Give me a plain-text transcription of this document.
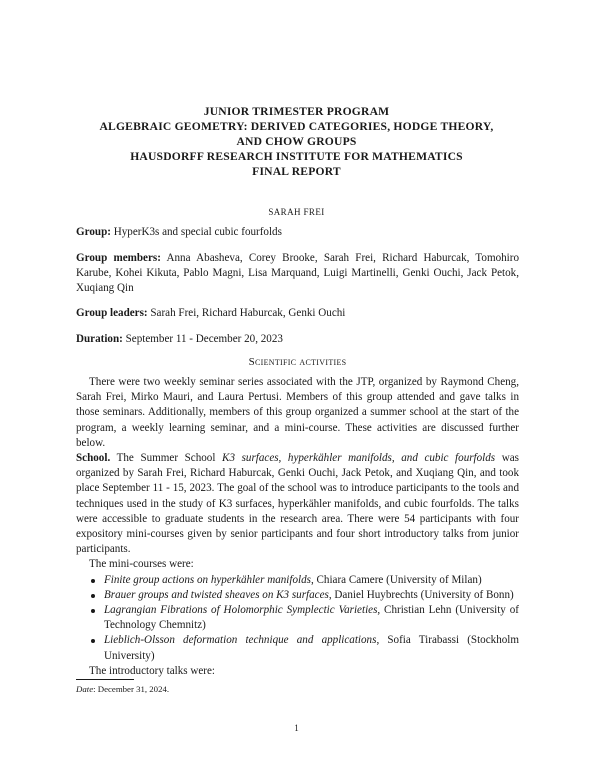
JUNIOR TRIMESTER PROGRAM
ALGEBRAIC GEOMETRY: DERIVED CATEGORIES, HODGE THEORY,
AND CHOW GROUPS
HAUSDORFF RESEARCH INSTITUTE FOR MATHEMATICS
FINAL REPORT
SARAH FREI

Group: HyperK3s and special cubic fourfolds

Group members: Anna Abasheva, Corey Brooke, Sarah Frei, Richard Haburcak, Tomohiro Karube, Kohei Kikuta, Pablo Magni, Lisa Marquand, Luigi Martinelli, Genki Ouchi, Jack Petok, Xuqiang Qin

Group leaders: Sarah Frei, Richard Haburcak, Genki Ouchi

Duration: September 11 - December 20, 2023

Scientific activities

There were two weekly seminar series associated with the JTP, organized by Raymond Cheng, Sarah Frei, Mirko Mauri, and Laura Pertusi. Members of this group attended and gave talks in those seminars. Additionally, members of this group organized a summer school at the start of the program, a weekly learning seminar, and a mini-course. These activities are discussed further below.

School. The Summer School K3 surfaces, hyperkähler manifolds, and cubic fourfolds was organized by Sarah Frei, Richard Haburcak, Genki Ouchi, Jack Petok, and Xuqiang Qin, and took place September 11 - 15, 2023. The goal of the school was to introduce participants to the tools and techniques used in the study of K3 surfaces, hyperkähler manifolds, and cubic fourfolds. The talks were accessible to graduate students in the research area. There were 54 participants with four expository mini-courses given by senior participants and four short introductory talks from junior participants.

The mini-courses were:

Finite group actions on hyperkähler manifolds, Chiara Camere (University of Milan)
Brauer groups and twisted sheaves on K3 surfaces, Daniel Huybrechts (University of Bonn)
Lagrangian Fibrations of Holomorphic Symplectic Varieties, Christian Lehn (University of Technology Chemnitz)
Lieblich-Olsson deformation technique and applications, Sofia Tirabassi (Stockholm University)

The introductory talks were:

Date: December 31, 2024.
1
